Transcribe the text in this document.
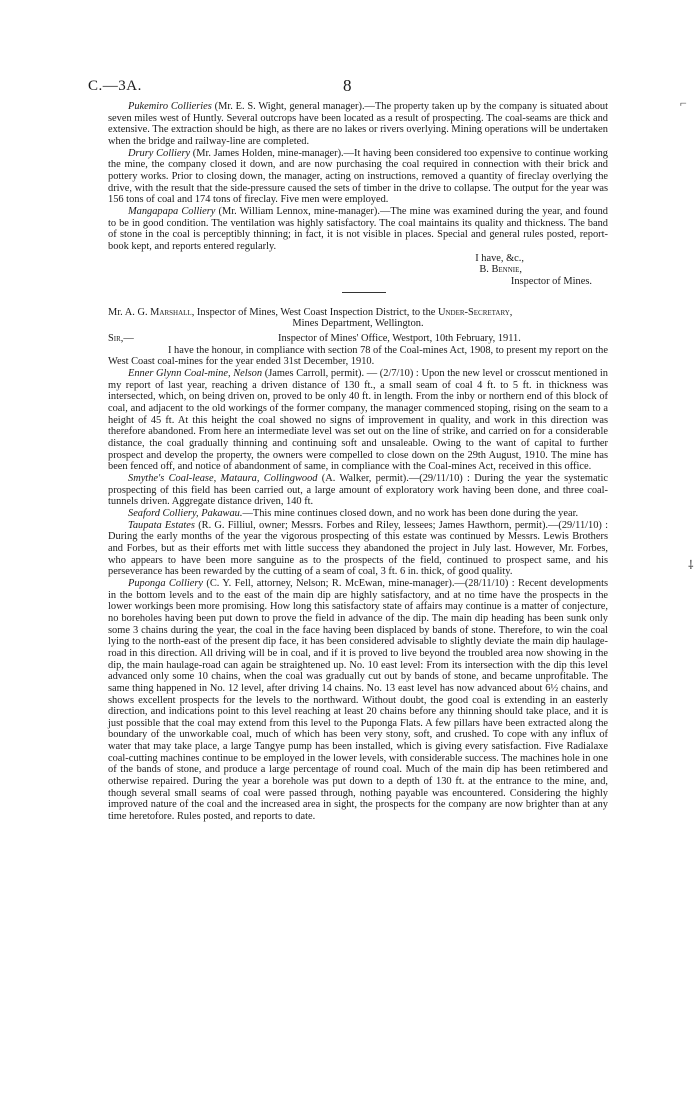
C.—3A.	8
⌐
⸸

Pukemiro Collieries (Mr. E. S. Wight, general manager).—The property taken up by the company is situated about seven miles west of Huntly. Several outcrops have been located as a result of prospecting. The coal-seams are thick and extensive. The extraction should be high, as there are no lakes or rivers overlying. Mining operations will be undertaken when the bridge and railway-line are completed.

Drury Colliery (Mr. James Holden, mine-manager).—It having been considered too expensive to continue working the mine, the company closed it down, and are now purchasing the coal required in connection with their brick and pottery works. Prior to closing down, the manager, acting on instructions, removed a quantity of fireclay overlying the drive, with the result that the side-pressure caused the sets of timber in the drive to collapse. The output for the year was 156 tons of coal and 174 tons of fireclay. Five men were employed.

Mangapapa Colliery (Mr. William Lennox, mine-manager).—The mine was examined during the year, and found to be in good condition. The ventilation was highly satisfactory. The coal maintains its quality and thickness. The band of stone in the coal is perceptibly thinning; in fact, it is not visible in places. Special and general rules posted, report-book kept, and reports entered regularly.

I have, &c.,

B. Bennie,

Inspector of Mines.

Mr. A. G. Marshall, Inspector of Mines, West Coast Inspection District, to the Under-Secretary,

Mines Department, Wellington.

Sir,—	Inspector of Mines' Office, Westport, 10th February, 1911.

I have the honour, in compliance with section 78 of the Coal-mines Act, 1908, to present my report on the West Coast coal-mines for the year ended 31st December, 1910.

Enner Glynn Coal-mine, Nelson (James Carroll, permit). — (2/7/10) : Upon the new level or crosscut mentioned in my report of last year, reaching a driven distance of 130 ft., a small seam of coal 4 ft. to 5 ft. in thickness was intersected, which, on being driven on, proved to be only 40 ft. in length. From the inby or northern end of this block of coal, and adjacent to the old workings of the former company, the manager commenced stoping, rising on the seam to a height of 45 ft. At this height the coal showed no signs of improvement in quality, and work in this direction was therefore abandoned. From here an intermediate level was set out on the line of strike, and carried on for a considerable distance, the coal gradually thinning and continuing soft and unsaleable. Owing to the want of capital to further prospect and develop the property, the owners were compelled to close down on the 29th August, 1910. The mine has been fenced off, and notice of abandonment of same, in compliance with the Coal-mines Act, received in this office.

Smythe's Coal-lease, Mataura, Collingwood (A. Walker, permit).—(29/11/10) : During the year the systematic prospecting of this field has been carried out, a large amount of exploratory work having been done, and three coal-tunnels driven. Aggregate distance driven, 140 ft.

Seaford Colliery, Pakawau.—This mine continues closed down, and no work has been done during the year.

Taupata Estates (R. G. Filliul, owner; Messrs. Forbes and Riley, lessees; James Hawthorn, permit).—(29/11/10) : During the early months of the year the vigorous prospecting of this estate was continued by Messrs. Lewis Brothers and Forbes, but as their efforts met with little success they abandoned the project in July last. However, Mr. Forbes, who appears to have been more sanguine as to the prospects of the field, continued to prospect same, and his perseverance has been rewarded by the cutting of a seam of coal, 3 ft. 6 in. thick, of good quality.

Puponga Colliery (C. Y. Fell, attorney, Nelson; R. McEwan, mine-manager).—(28/11/10) : Recent developments in the bottom levels and to the east of the main dip are highly satisfactory, and at no time have the prospects in the lower workings been more promising. How long this satisfactory state of affairs may continue is a matter of conjecture, no boreholes having been put down to prove the field in advance of the dip. The main dip heading has been sunk only some 3 chains during the year, the coal in the face having been displaced by bands of stone. Therefore, to win the coal lying to the north-east of the present dip face, it has been considered advisable to slightly deviate the main dip haulage-road in this direction. All driving will be in coal, and if it is proved to live beyond the troubled area now showing in the dip, the main haulage-road can again be straightened up. No. 10 east level: From its intersection with the dip this level advanced only some 10 chains, when the coal was gradually cut out by bands of stone, and became unprofitable. The same thing happened in No. 12 level, after driving 14 chains. No. 13 east level has now advanced about 6½ chains, and shows excellent prospects for the levels to the northward. Without doubt, the good coal is extending in an easterly direction, and indications point to this level reaching at least 20 chains before any thinning should take place, and it is just possible that the coal may extend from this level to the Puponga Flats. A few pillars have been extracted along the boundary of the unworkable coal, much of which has been very stony, soft, and crushed. To cope with any influx of water that may take place, a large Tangye pump has been installed, which is giving every satisfaction. Five Radialaxe coal-cutting machines continue to be employed in the lower levels, with considerable success. The machines hole in one of the bands of stone, and produce a large percentage of round coal. Much of the main dip has been retimbered and otherwise repaired. During the year a borehole was put down to a depth of 130 ft. at the entrance to the mine, and, though several small seams of coal were passed through, nothing payable was encountered. Considering the highly improved nature of the coal and the increased area in sight, the prospects for the company are now brighter than at any time heretofore. Rules posted, and reports to date.
